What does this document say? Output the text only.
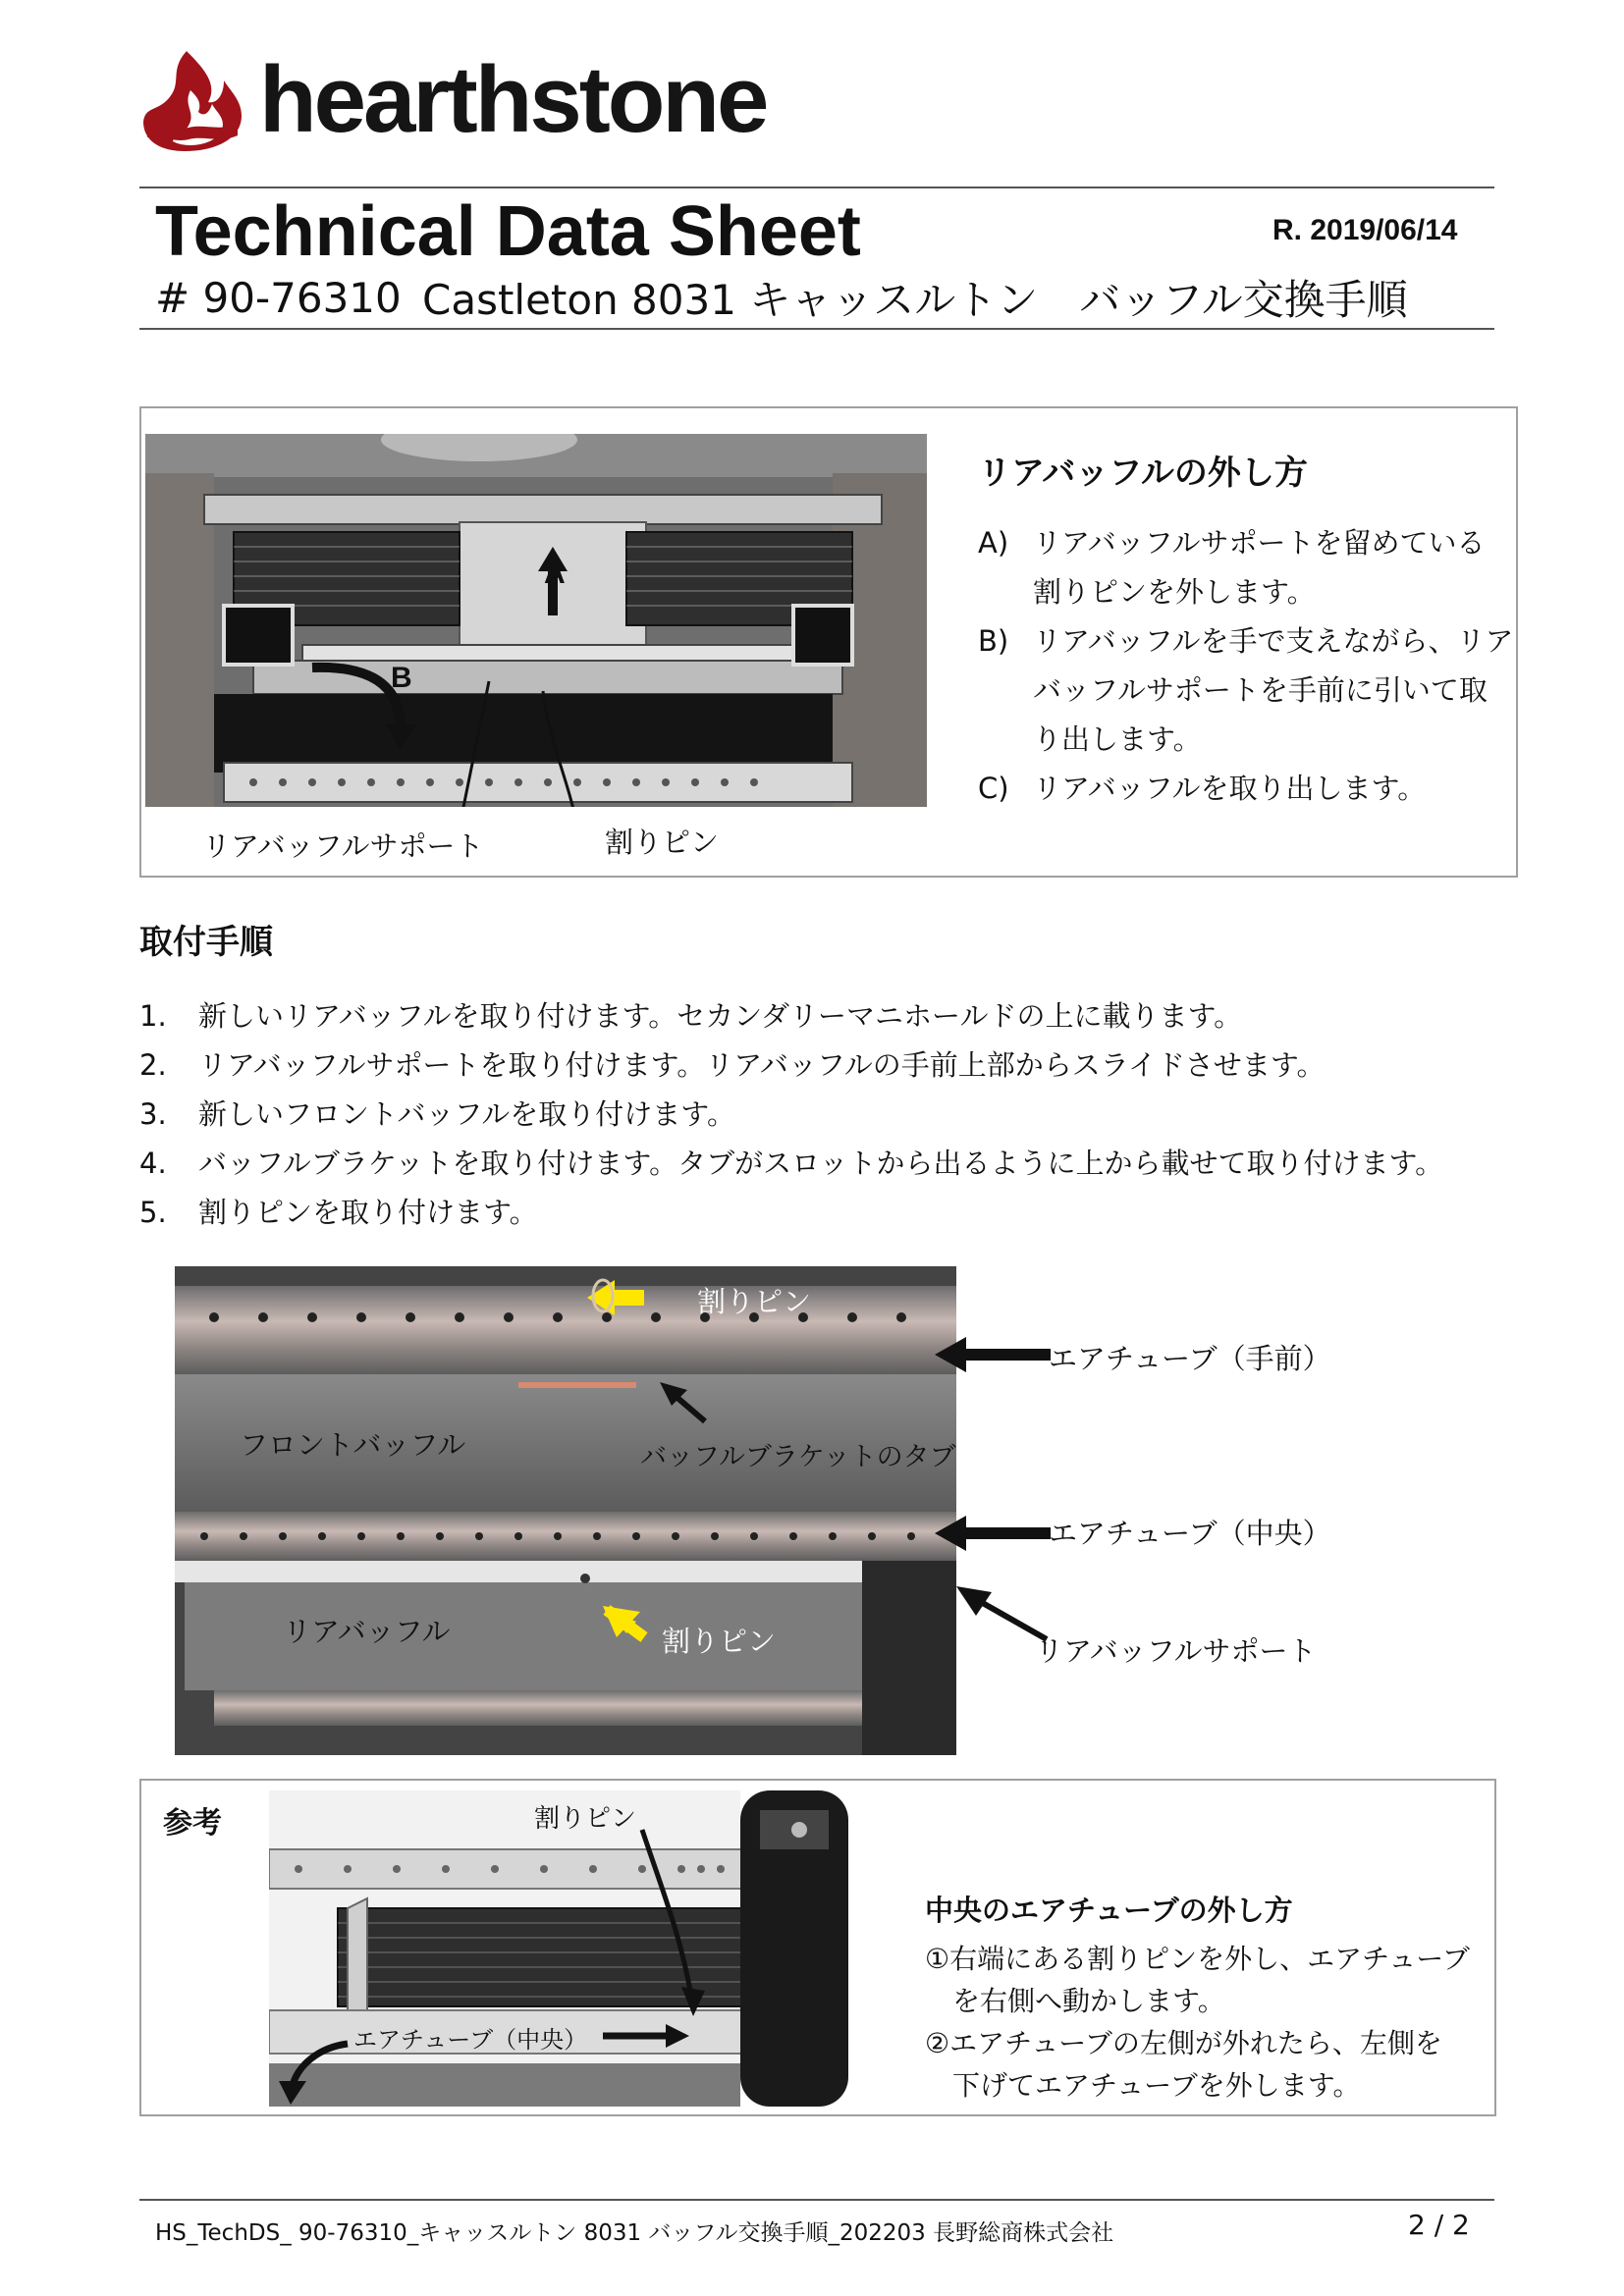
hearthstone
Technical Data Sheet	R. 2019/06/14
# 90-76310 Castleton 8031 キャッスルトン　バッフル交換手順
A
B
リアバッフルサポート	割りピン
リアバッフルの外し方
A) リアバッフルサポートを留めている
割りピンを外します。
B) リアバッフルを手で支えながら、リア
バッフルサポートを手前に引いて取
り出します。
C) リアバッフルを取り出します。
取付手順
1.	新しいリアバッフルを取り付けます。セカンダリーマニホールドの上に載ります。
2.	リアバッフルサポートを取り付けます。リアバッフルの手前上部からスライドさせます。
3.	新しいフロントバッフルを取り付けます。
4.	バッフルブラケットを取り付けます。タブがスロットから出るように上から載せて取り付けます。
5.	割りピンを取り付けます。
割りピン
フロントバッフル	バッフルブラケットのタブ
リアバッフル	割りピン
エアチューブ（手前）
エアチューブ（中央）
リアバッフルサポート
参考	割りピン
エアチューブ（中央）
中央のエアチューブの外し方
①右端にある割りピンを外し、エアチューブ
　を右側へ動かします。
②エアチューブの左側が外れたら、左側を
　下げてエアチューブを外します。
HS_TechDS_ 90-76310_キャッスルトン 8031 バッフル交換手順_202203 長野総商株式会社	2 / 2
